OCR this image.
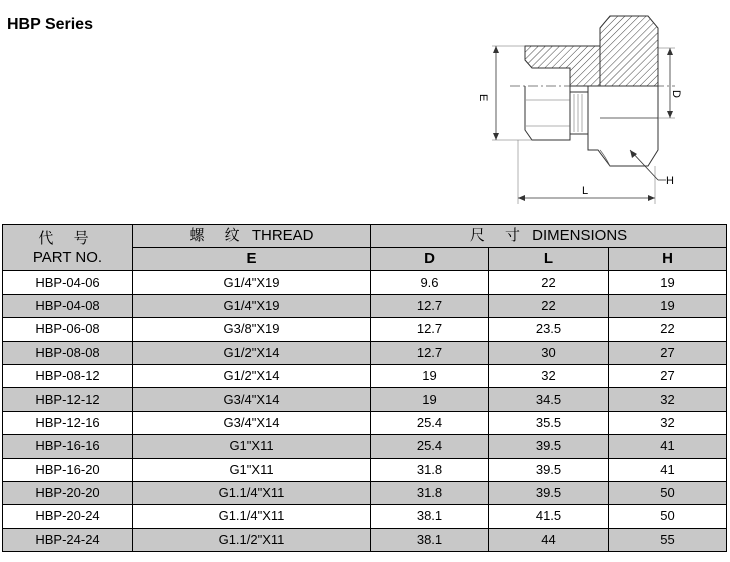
HBP Series
E	D
L
H
代 号
PART NO.	螺 纹 THREAD	尺 寸 DIMENSIONS		
	E	D	L	H
HBP-04-06	G1/4"X19	9.6	22	19
HBP-04-08	G1/4"X19	12.7	22	19
HBP-06-08	G3/8"X19	12.7	23.5	22
HBP-08-08	G1/2"X14	12.7	30	27
HBP-08-12	G1/2"X14	19	32	27
HBP-12-12	G3/4"X14	19	34.5	32
HBP-12-16	G3/4"X14	25.4	35.5	32
HBP-16-16	G1"X11	25.4	39.5	41
HBP-16-20	G1"X11	31.8	39.5	41
HBP-20-20	G1.1/4"X11	31.8	39.5	50
HBP-20-24	G1.1/4"X11	38.1	41.5	50
HBP-24-24	G1.1/2"X11	38.1	44	55
